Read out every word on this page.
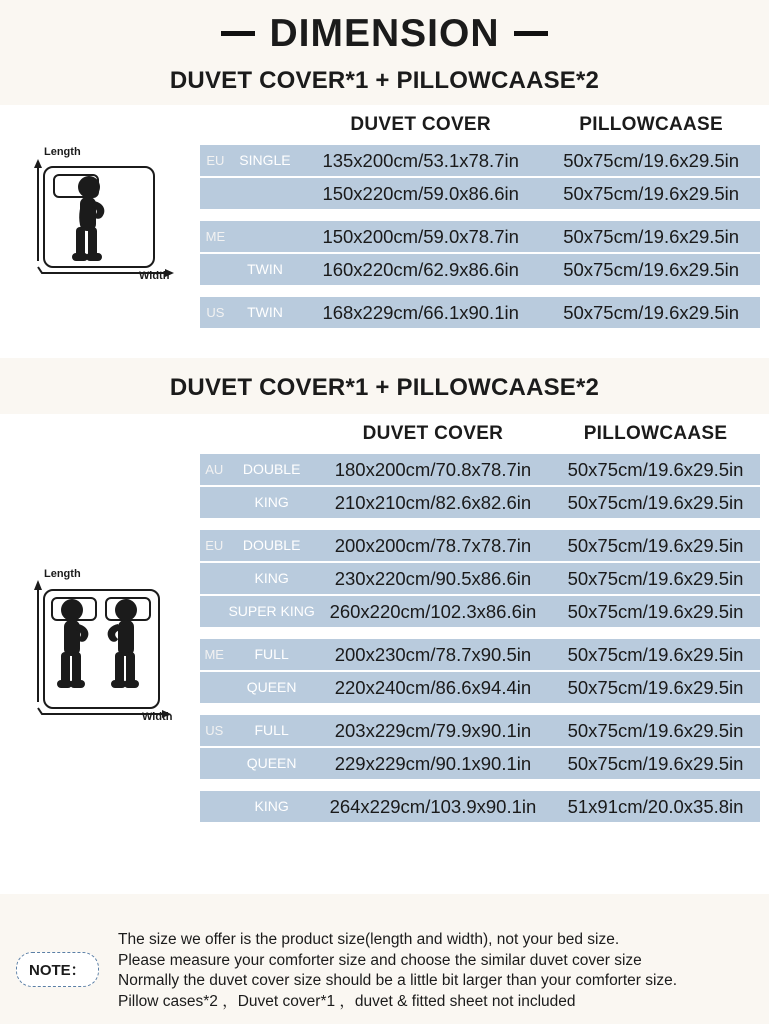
DIMENSION
DUVET COVER*1 + PILLOWCAASE*2
Length
Width
		DUVET COVER	PILLOWCAASE
EU	SINGLE	135x200cm/53.1x78.7in	50x75cm/19.6x29.5in
		150x220cm/59.0x86.6in	50x75cm/19.6x29.5in

ME		150x200cm/59.0x78.7in	50x75cm/19.6x29.5in
	TWIN	160x220cm/62.9x86.6in	50x75cm/19.6x29.5in

US	TWIN	168x229cm/66.1x90.1in	50x75cm/19.6x29.5in
DUVET COVER*1 + PILLOWCAASE*2
Length
Width
		DUVET COVER	PILLOWCAASE
AU	DOUBLE	180x200cm/70.8x78.7in	50x75cm/19.6x29.5in
	KING	210x210cm/82.6x82.6in	50x75cm/19.6x29.5in

EU	DOUBLE	200x200cm/78.7x78.7in	50x75cm/19.6x29.5in
	KING	230x220cm/90.5x86.6in	50x75cm/19.6x29.5in
	SUPER KING	260x220cm/102.3x86.6in	50x75cm/19.6x29.5in

ME	FULL	200x230cm/78.7x90.5in	50x75cm/19.6x29.5in
	QUEEN	220x240cm/86.6x94.4in	50x75cm/19.6x29.5in

US	FULL	203x229cm/79.9x90.1in	50x75cm/19.6x29.5in
	QUEEN	229x229cm/90.1x90.1in	50x75cm/19.6x29.5in

	KING	264x229cm/103.9x90.1in	51x91cm/20.0x35.8in
NOTE：
The size we offer is the product size(length and width), not your bed size.
Please measure your comforter size and choose the similar duvet cover size
Normally the duvet cover size should be a little bit larger than your comforter size.
Pillow cases*2 ，Duvet cover*1 ，duvet & fitted sheet not included
